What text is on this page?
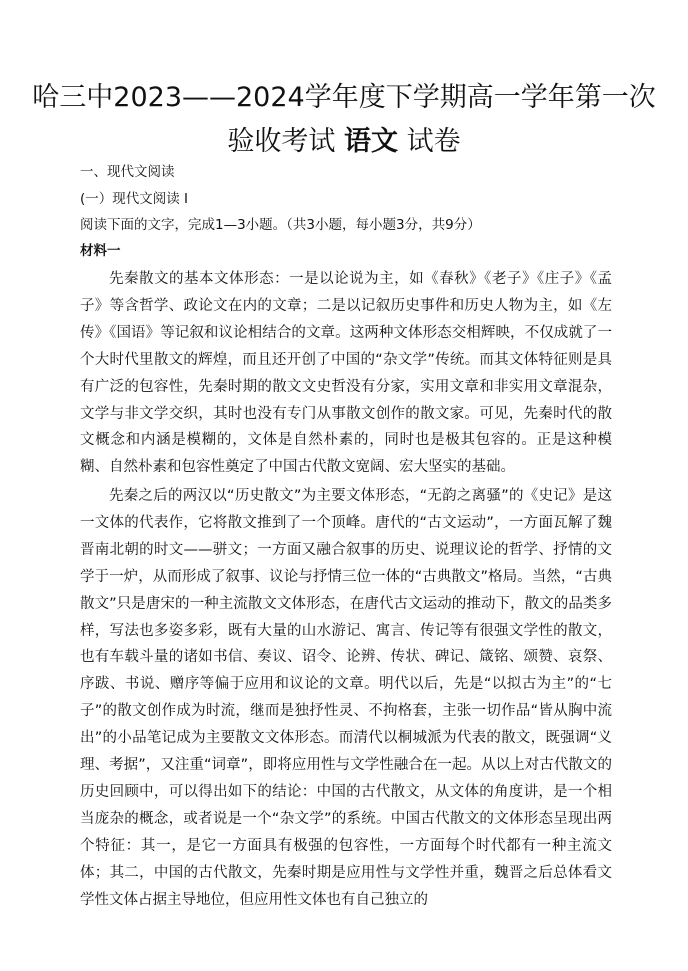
哈三中2023——2024学年度下学期高一学年第一次
验收考试 语文 试卷
一、现代文阅读
(一）现代文阅读 I
阅读下面的文字，完成1—3小题。（共3小题，每小题3分，共9分）
材料一

先秦散文的基本文体形态：一是以论说为主，如《春秋》《老子》《庄子》《孟子》等含哲学、政论文在内的文章；二是以记叙历史事件和历史人物为主，如《左传》《国语》等记叙和议论相结合的文章。这两种文体形态交相辉映，不仅成就了一个大时代里散文的辉煌，而且还开创了中国的“杂文学”传统。而其文体特征则是具有广泛的包容性，先秦时期的散文文史哲没有分家，实用文章和非实用文章混杂，文学与非文学交织，其时也没有专门从事散文创作的散文家。可见，先秦时代的散文概念和内涵是模糊的，文体是自然朴素的，同时也是极其包容的。正是这种模糊、自然朴素和包容性奠定了中国古代散文宽阔、宏大坚实的基础。

先秦之后的两汉以“历史散文”为主要文体形态，“无韵之离骚”的《史记》是这一文体的代表作，它将散文推到了一个顶峰。唐代的“古文运动”，一方面瓦解了魏晋南北朝的时文——骈文；一方面又融合叙事的历史、说理议论的哲学、抒情的文学于一炉，从而形成了叙事、议论与抒情三位一体的“古典散文”格局。当然，“古典散文”只是唐宋的一种主流散文文体形态，在唐代古文运动的推动下，散文的品类多样，写法也多姿多彩，既有大量的山水游记、寓言、传记等有很强文学性的散文，也有车载斗量的诸如书信、奏议、诏令、论辨、传状、碑记、箴铭、颂赞、哀祭、序跋、书说、赠序等偏于应用和议论的文章。明代以后，先是“以拟古为主”的“七子”的散文创作成为时流，继而是独抒性灵、不拘格套，主张一切作品“皆从胸中流出”的小品笔记成为主要散文文体形态。而清代以桐城派为代表的散文，既强调“义理、考据”，又注重“词章”，即将应用性与文学性融合在一起。从以上对古代散文的历史回顾中，可以得出如下的结论：中国的古代散文，从文体的角度讲，是一个相当庞杂的概念，或者说是一个“杂文学”的系统。中国古代散文的文体形态呈现出两个特征：其一，是它一方面具有极强的包容性，一方面每个时代都有一种主流文体；其二，中国的古代散文，先秦时期是应用性与文学性并重，魏晋之后总体看文学性文体占据主导地位，但应用性文体也有自己独立的
